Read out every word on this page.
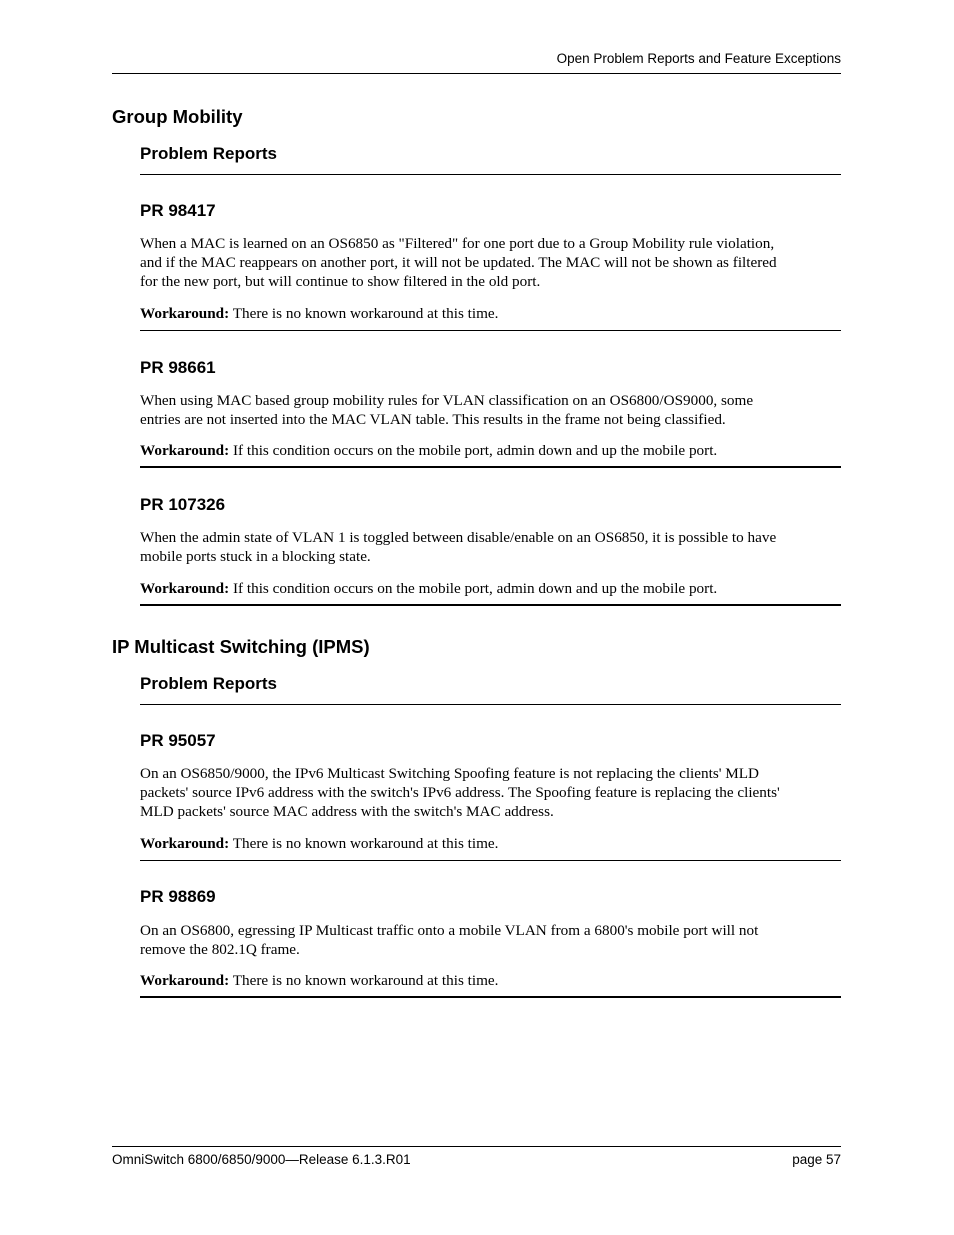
Open Problem Reports and Feature Exceptions
Group Mobility
Problem Reports
PR 98417
When a MAC is learned on an OS6850 as "Filtered" for one port due to a Group Mobility rule violation,
and if the MAC reappears on another port, it will not be updated. The MAC will not be shown as filtered
for the new port, but will continue to show filtered in the old port.
Workaround: There is no known workaround at this time.
PR 98661
When using MAC based group mobility rules for VLAN classification on an OS6800/OS9000, some
entries are not inserted into the MAC VLAN table. This results in the frame not being classified.
Workaround: If this condition occurs on the mobile port, admin down and up the mobile port.
PR 107326
When the admin state of VLAN 1 is toggled between disable/enable on an OS6850, it is possible to have
mobile ports stuck in a blocking state.
Workaround: If this condition occurs on the mobile port, admin down and up the mobile port.
IP Multicast Switching (IPMS)
Problem Reports
PR 95057
On an OS6850/9000, the IPv6 Multicast Switching Spoofing feature is not replacing the clients' MLD
packets' source IPv6 address with the switch's IPv6 address. The Spoofing feature is replacing the clients'
MLD packets' source MAC address with the switch's MAC address.
Workaround: There is no known workaround at this time.
PR 98869
On an OS6800, egressing IP Multicast traffic onto a mobile VLAN from a 6800's mobile port will not
remove the 802.1Q frame.
Workaround: There is no known workaround at this time.
OmniSwitch 6800/6850/9000—Release 6.1.3.R01	page 57
